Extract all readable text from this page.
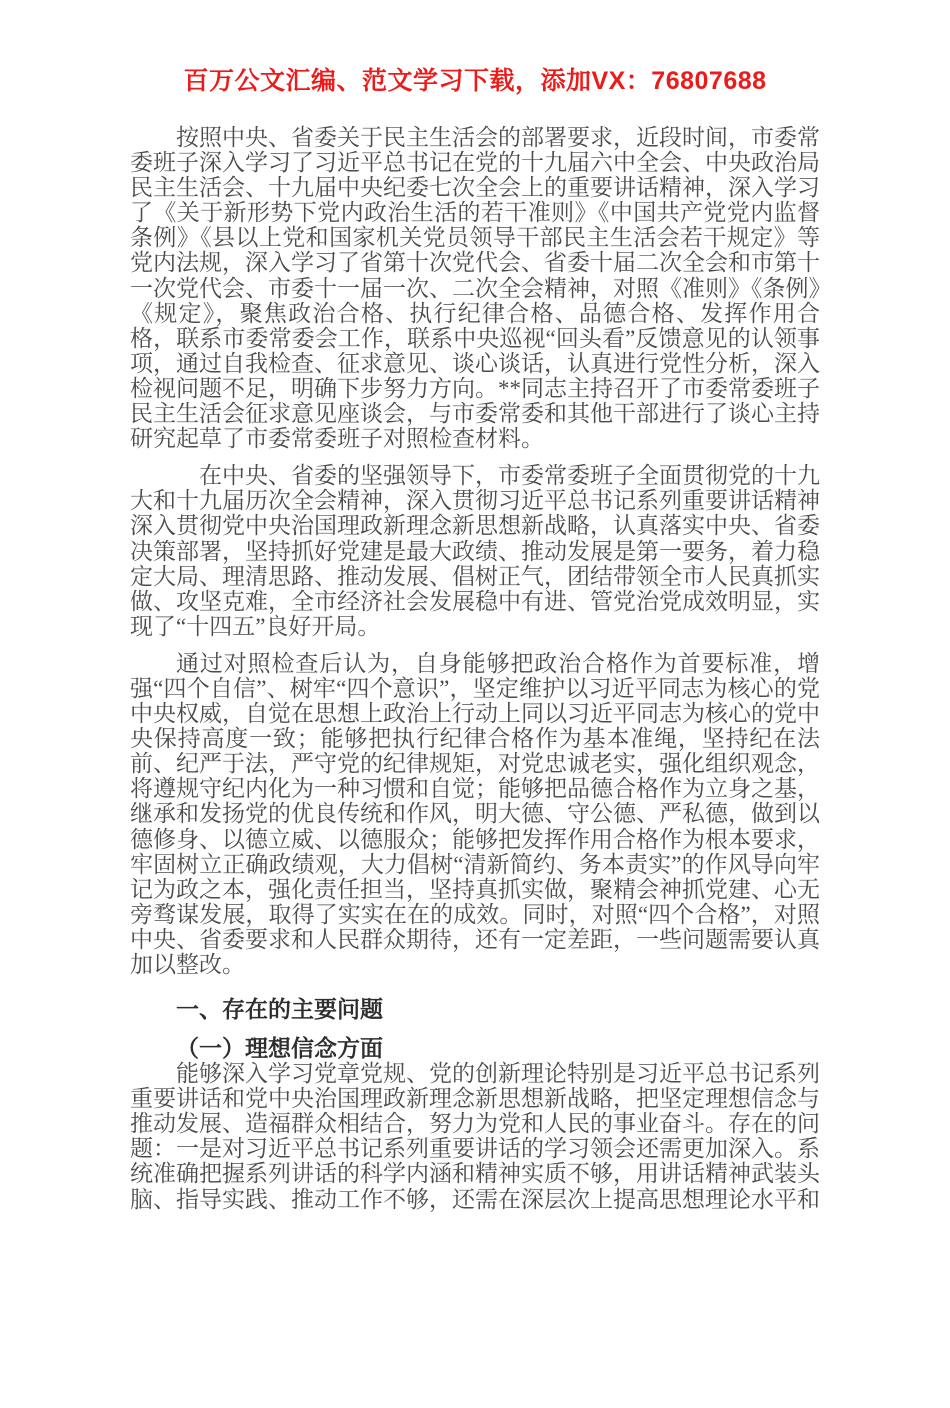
百万公文汇编、范文学习下载，添加VX：76807688

按照中央、省委关于民主生活会的部署要求，近段时间，市委常委班子深入学习了习近平总书记在党的十九届六中全会、中央政治局民主生活会、十九届中央纪委七次全会上的重要讲话精神，深入学习了《关于新形势下党内政治生活的若干准则》《中国共产党党内监督条例》《县以上党和国家机关党员领导干部民主生活会若干规定》等党内法规，深入学习了省第十次党代会、省委十届二次全会和市第十一次党代会、市委十一届一次、二次全会精神，对照《准则》《条例》《规定》，聚焦政治合格、执行纪律合格、品德合格、发挥作用合格，联系市委常委会工作，联系中央巡视“回头看”反馈意见的认领事项，通过自我检查、征求意见、谈心谈话，认真进行党性分析，深入检视问题不足，明确下步努力方向。**同志主持召开了市委常委班子民主生活会征求意见座谈会，与市委常委和其他干部进行了谈心主持研究起草了市委常委班子对照检查材料。

在中央、省委的坚强领导下，市委常委班子全面贯彻党的十九大和十九届历次全会精神，深入贯彻习近平总书记系列重要讲话精神深入贯彻党中央治国理政新理念新思想新战略，认真落实中央、省委决策部署，坚持抓好党建是最大政绩、推动发展是第一要务，着力稳定大局、理清思路、推动发展、倡树正气，团结带领全市人民真抓实做、攻坚克难，全市经济社会发展稳中有进、管党治党成效明显，实现了“十四五”良好开局。

通过对照检查后认为，自身能够把政治合格作为首要标准，增强“四个自信”、树牢“四个意识”，坚定维护以习近平同志为核心的党中央权威，自觉在思想上政治上行动上同以习近平同志为核心的党中央保持高度一致；能够把执行纪律合格作为基本准绳，坚持纪在法前、纪严于法，严守党的纪律规矩，对党忠诚老实，强化组织观念，将遵规守纪内化为一种习惯和自觉；能够把品德合格作为立身之基，继承和发扬党的优良传统和作风，明大德、守公德、严私德，做到以德修身、以德立威、以德服众；能够把发挥作用合格作为根本要求，牢固树立正确政绩观，大力倡树“清新简约、务本责实”的作风导向牢记为政之本，强化责任担当，坚持真抓实做，聚精会神抓党建、心无旁骛谋发展，取得了实实在在的成效。同时，对照“四个合格”，对照中央、省委要求和人民群众期待，还有一定差距，一些问题需要认真加以整改。

一、存在的主要问题
（一）理想信念方面

能够深入学习党章党规、党的创新理论特别是习近平总书记系列重要讲话和党中央治国理政新理念新思想新战略，把坚定理想信念与推动发展、造福群众相结合，努力为党和人民的事业奋斗。存在的问题：一是对习近平总书记系列重要讲话的学习领会还需更加深入。系统准确把握系列讲话的科学内涵和精神实质不够，用讲话精神武装头脑、指导实践、推动工作不够，还需在深层次上提高思想理论水平和
